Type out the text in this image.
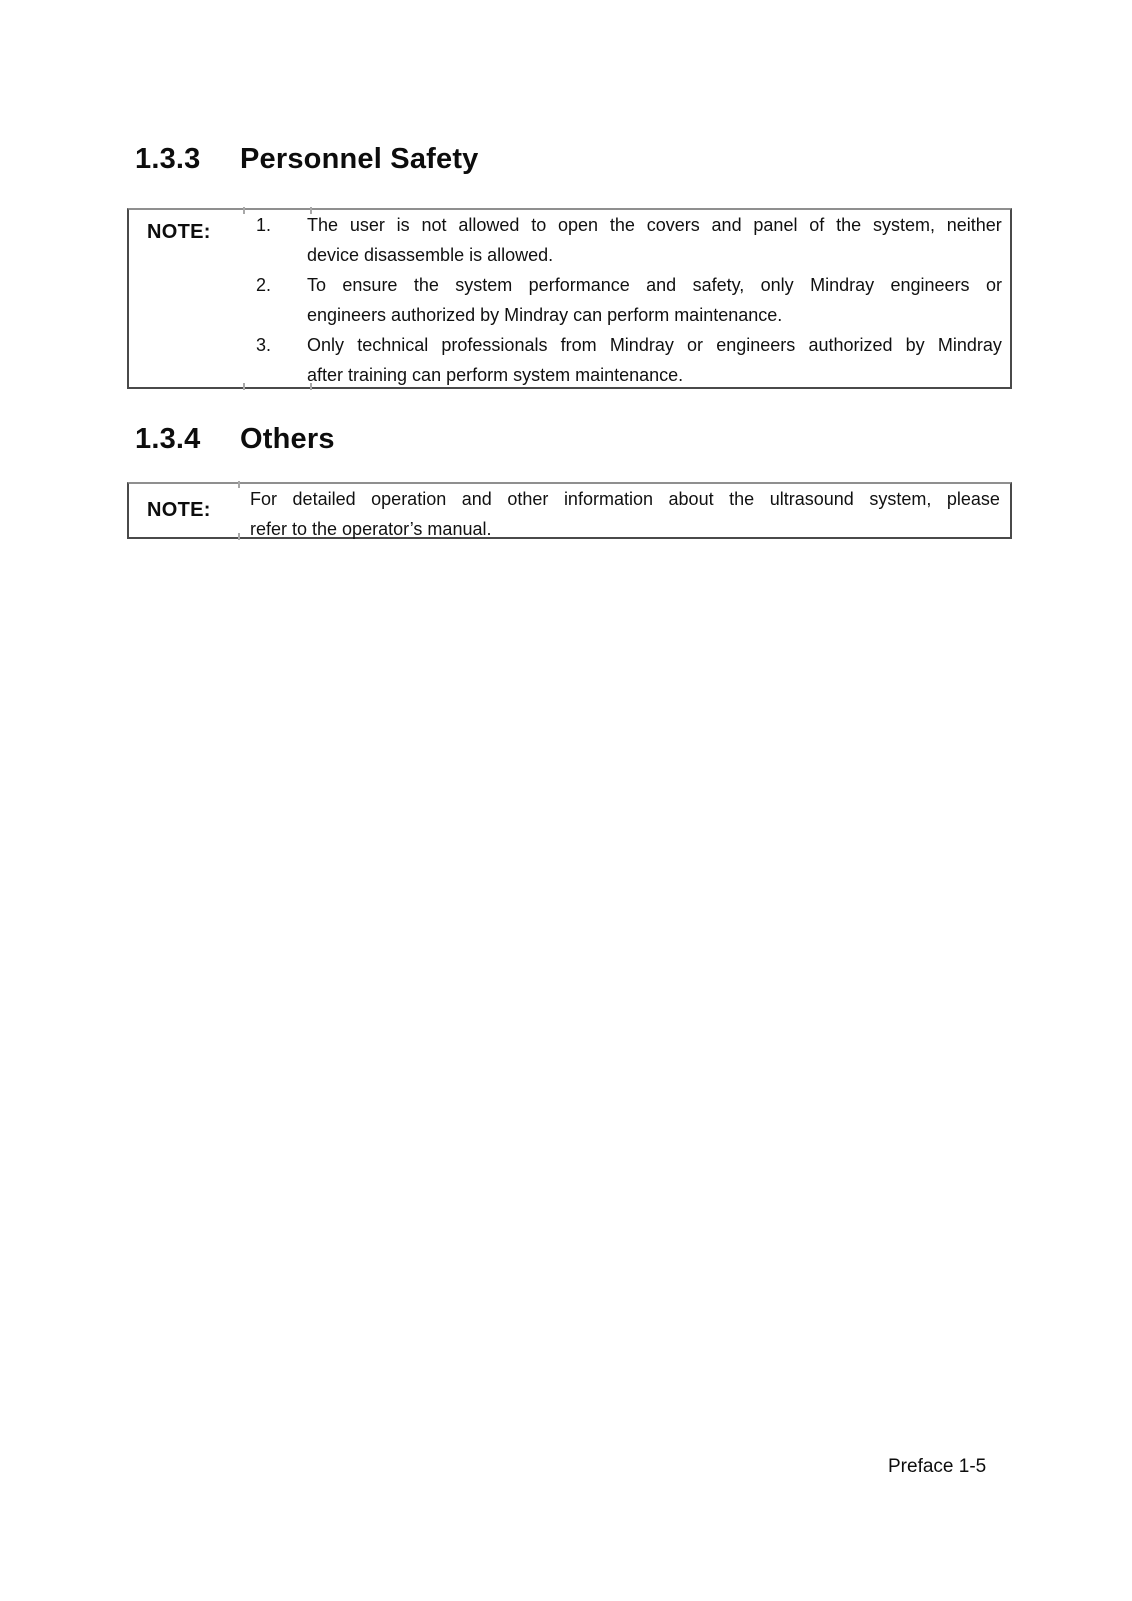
1.3.3	Personnel Safety
NOTE:	1.	The user is not allowed to open the covers and panel of the system, neither
device disassemble is allowed.
2.	To ensure the system performance and safety, only Mindray engineers or
engineers authorized by Mindray can perform maintenance.
3.	Only technical professionals from Mindray or engineers authorized by Mindray
after training can perform system maintenance.
1.3.4	Others
NOTE: For detailed operation and other information about the ultrasound system, please
refer to the operator’s manual.
Preface 1-5
